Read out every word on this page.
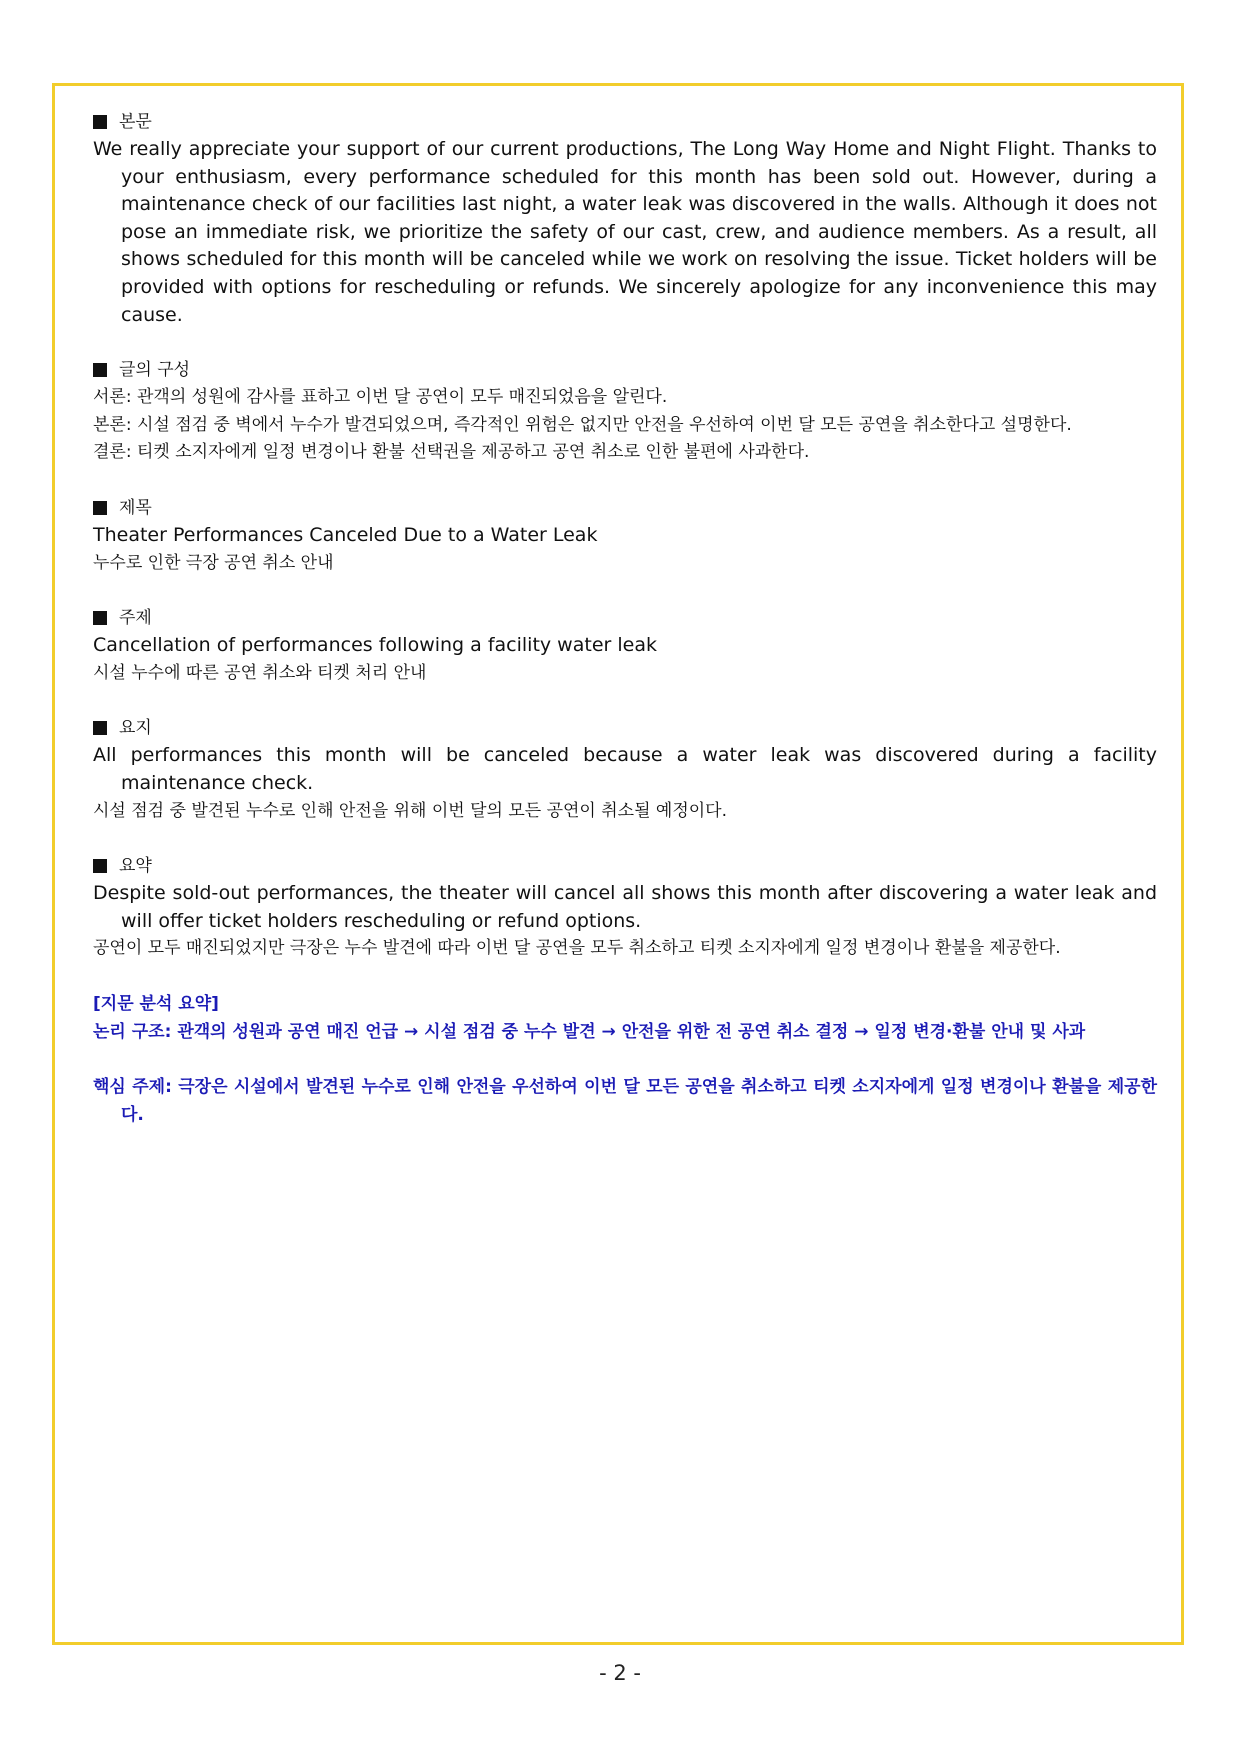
본문
We really appreciate your support of our current productions, The Long Way Home and Night Flight. Thanks to your enthusiasm, every performance scheduled for this month has been sold out. However, during a maintenance check of our facilities last night, a water leak was discovered in the walls. Although it does not pose an immediate risk, we prioritize the safety of our cast, crew, and audience members. As a result, all shows scheduled for this month will be canceled while we work on resolving the issue. Ticket holders will be provided with options for rescheduling or refunds. We sincerely apologize for any inconvenience this may cause.
글의 구성
서론: 관객의 성원에 감사를 표하고 이번 달 공연이 모두 매진되었음을 알린다.
본론: 시설 점검 중 벽에서 누수가 발견되었으며, 즉각적인 위험은 없지만 안전을 우선하여 이번 달 모든 공연을 취소한다고 설명한다.
결론: 티켓 소지자에게 일정 변경이나 환불 선택권을 제공하고 공연 취소로 인한 불편에 사과한다.
제목
Theater Performances Canceled Due to a Water Leak
누수로 인한 극장 공연 취소 안내
주제
Cancellation of performances following a facility water leak
시설 누수에 따른 공연 취소와 티켓 처리 안내
요지
All performances this month will be canceled because a water leak was discovered during a facility maintenance check.
시설 점검 중 발견된 누수로 인해 안전을 위해 이번 달의 모든 공연이 취소될 예정이다.
요약
Despite sold-out performances, the theater will cancel all shows this month after discovering a water leak and will offer ticket holders rescheduling or refund options.
공연이 모두 매진되었지만 극장은 누수 발견에 따라 이번 달 공연을 모두 취소하고 티켓 소지자에게 일정 변경이나 환불을 제공한다.
[지문 분석 요약]
논리 구조: 관객의 성원과 공연 매진 언급 → 시설 점검 중 누수 발견 → 안전을 위한 전 공연 취소 결정 → 일정 변경·환불 안내 및 사과
핵심 주제: 극장은 시설에서 발견된 누수로 인해 안전을 우선하여 이번 달 모든 공연을 취소하고 티켓 소지자에게 일정 변경이나 환불을 제공한다.
- 2 -
